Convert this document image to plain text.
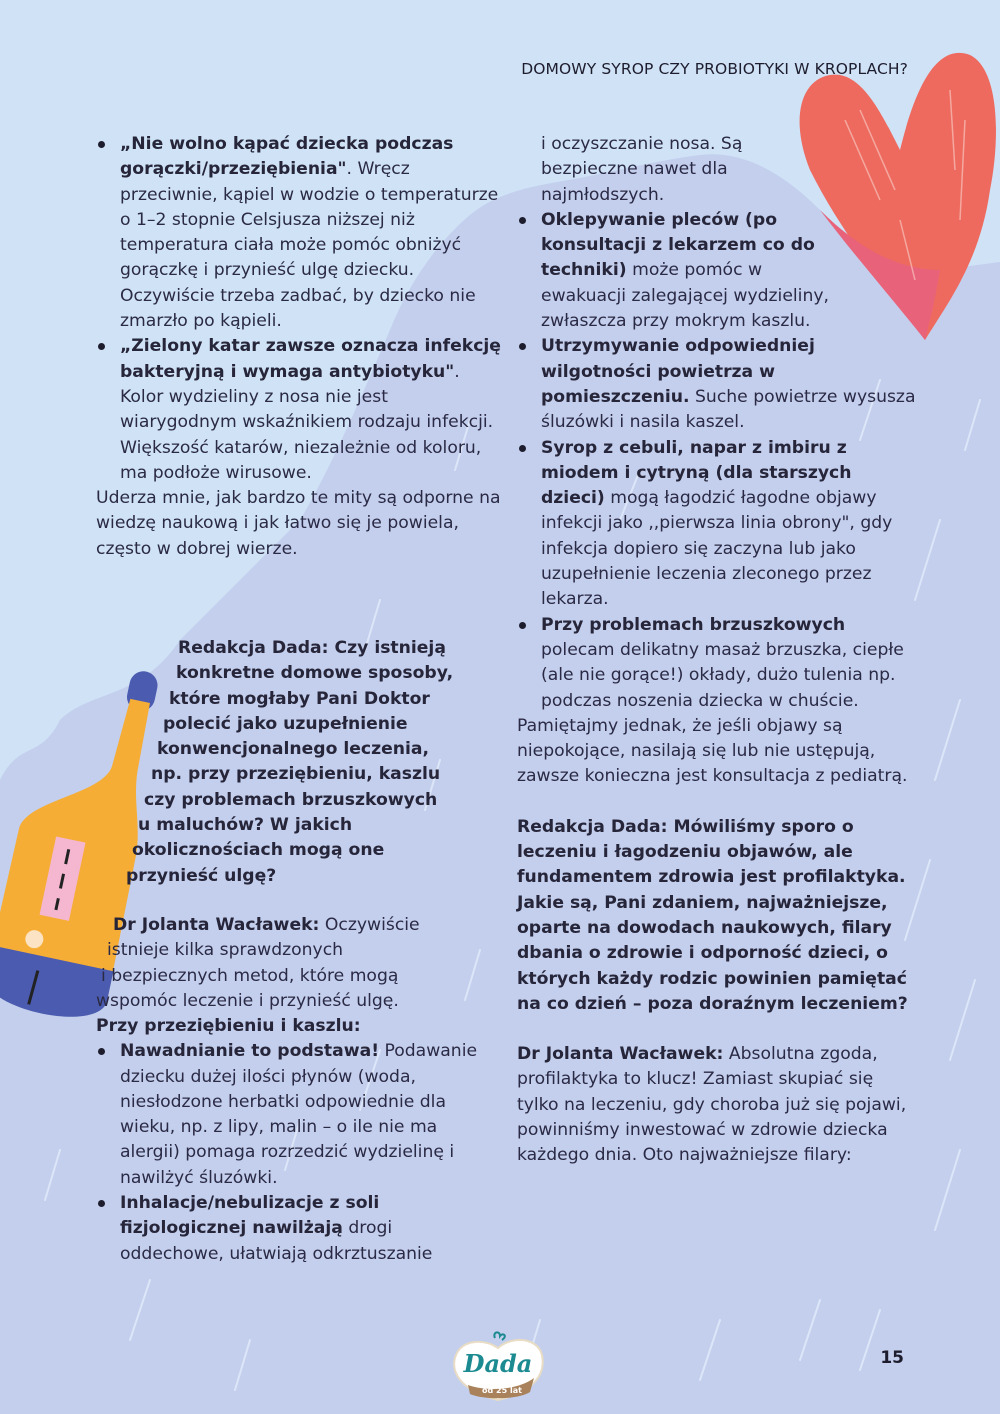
DOMOWY SYROP CZY PROBIOTYKI W KROPLACH?
„Nie wolno kąpać dziecka podczas gorączki/przeziębienia". Wręcz przeciwnie, kąpiel w wodzie o temperaturze o 1–2 stopnie Celsjusza niższej niż temperatura ciała może pomóc obniżyć gorączkę i przynieść ulgę dziecku. Oczywiście trzeba zadbać, by dziecko nie zmarzło po kąpieli.
„Zielony katar zawsze oznacza infekcję bakteryjną i wymaga antybiotyku". Kolor wydzieliny z nosa nie jest wiarygodnym wskaźnikiem rodzaju infekcji. Większość katarów, niezależnie od koloru, ma podłoże wirusowe.

Uderza mnie, jak bardzo te mity są odporne na wiedzę naukową i jak łatwo się je powiela, często w dobrej wierze.

Redakcja Dada: Czy istnieją
konkretne domowe sposoby,
które mogłaby Pani Doktor
polecić jako uzupełnienie
konwencjonalnego leczenia,
np. przy przeziębieniu, kaszlu
czy problemach brzuszkowych
u maluchów? W jakich
okolicznościach mogą one
przynieść ulgę?
Dr Jolanta Wacławek: Oczywiście
istnieje kilka sprawdzonych
i bezpiecznych metod, które mogą
wspomóc leczenie i przynieść ulgę.

Przy przeziębieniu i kaszlu:

Nawadnianie to podstawa! Podawanie dziecku dużej ilości płynów (woda, niesłodzone herbatki odpowiednie dla wieku, np. z lipy, malin – o ile nie ma alergii) pomaga rozrzedzić wydzielinę i nawilżyć śluzówki.
Inhalacje/nebulizacje z soli fizjologicznej nawilżają drogi oddechowe, ułatwiają odkrztuszanie

i oczyszczanie nosa. Są bezpieczne nawet dla najmłodszych.

Oklepywanie pleców (po konsultacji z lekarzem co do techniki) może pomóc w ewakuacji zalegającej wydzieliny, zwłaszcza przy mokrym kaszlu.
Utrzymywanie odpowiedniej wilgotności powietrza w pomieszczeniu. Suche powietrze wysusza śluzówki i nasila kaszel.
Syrop z cebuli, napar z imbiru z miodem i cytryną (dla starszych dzieci) mogą łagodzić łagodne objawy infekcji jako ,,pierwsza linia obrony", gdy infekcja dopiero się zaczyna lub jako uzupełnienie leczenia zleconego przez lekarza.
Przy problemach brzuszkowych polecam delikatny masaż brzuszka, ciepłe (ale nie gorące!) okłady, dużo tulenia np. podczas noszenia dziecka w chuście.

Pamiętajmy jednak, że jeśli objawy są niepokojące, nasilają się lub nie ustępują, zawsze konieczna jest konsultacja z pediatrą.

Redakcja Dada: Mówiliśmy sporo o leczeniu i łagodzeniu objawów, ale fundamentem zdrowia jest profilaktyka. Jakie są, Pani zdaniem, najważniejsze, oparte na dowodach naukowych, filary dbania o zdrowie i odporność dzieci, o których każdy rodzic powinien pamiętać na co dzień – poza doraźnym leczeniem?

Dr Jolanta Wacławek: Absolutna zgoda, profilaktyka to klucz! Zamiast skupiać się tylko na leczeniu, gdy choroba już się pojawi, powinniśmy inwestować w zdrowie dziecka każdego dnia. Oto najważniejsze filary:

Dada
od 25 lat
15
